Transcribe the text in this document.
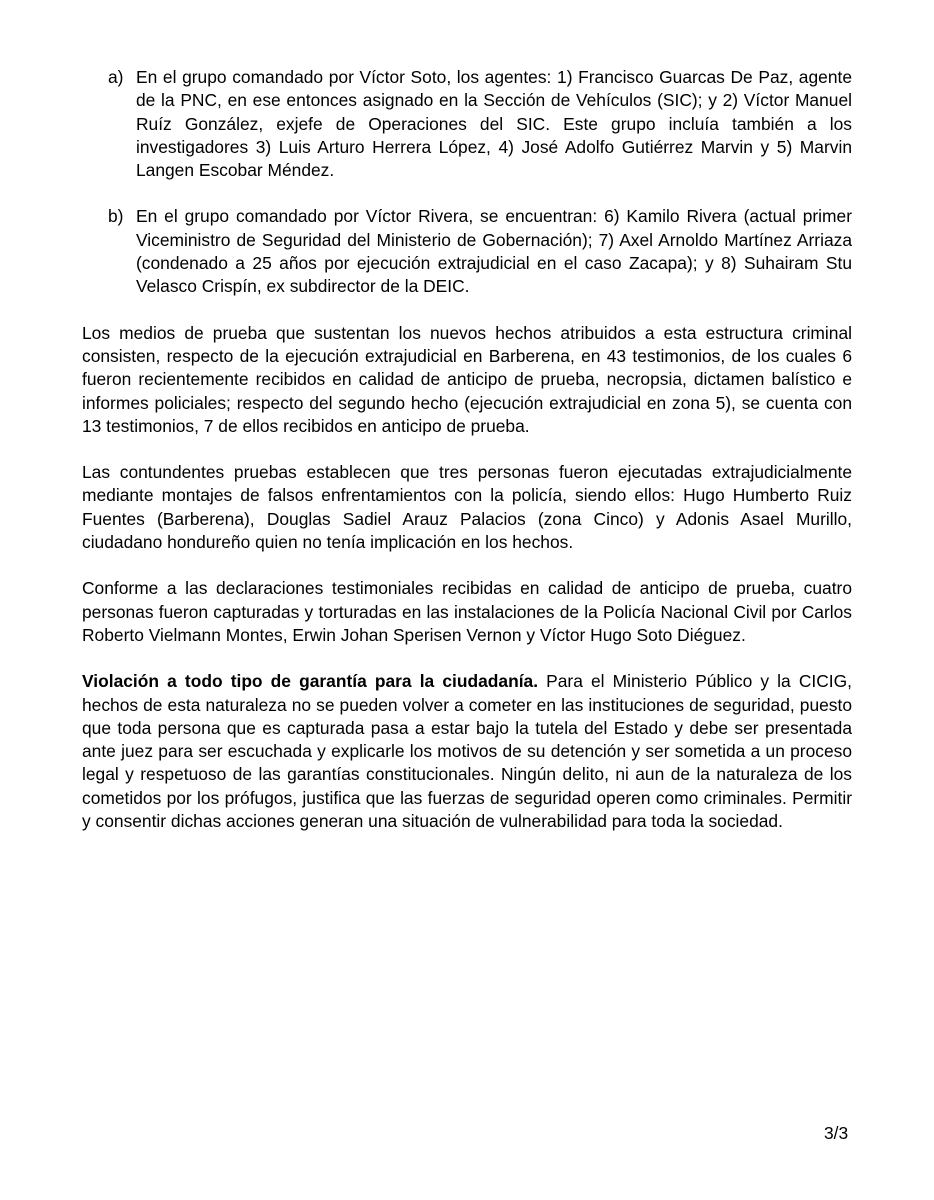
a) En el grupo comandado por Víctor Soto, los agentes: 1) Francisco Guarcas De Paz, agente de la PNC, en ese entonces asignado en la Sección de Vehículos (SIC); y 2) Víctor Manuel Ruíz González, exjefe de Operaciones del SIC. Este grupo incluía también a los investigadores 3) Luis Arturo Herrera López, 4) José Adolfo Gutiérrez Marvin y 5) Marvin Langen Escobar Méndez.
b) En el grupo comandado por Víctor Rivera, se encuentran: 6) Kamilo Rivera (actual primer Viceministro de Seguridad del Ministerio de Gobernación); 7) Axel Arnoldo Martínez Arriaza (condenado a 25 años por ejecución extrajudicial en el caso Zacapa); y 8) Suhairam Stu Velasco Crispín, ex subdirector de la DEIC.

Los medios de prueba que sustentan los nuevos hechos atribuidos a esta estructura criminal consisten, respecto de la ejecución extrajudicial en Barberena, en 43 testimonios, de los cuales 6 fueron recientemente recibidos en calidad de anticipo de prueba, necropsia, dictamen balístico e informes policiales; respecto del segundo hecho (ejecución extrajudicial en zona 5), se cuenta con 13 testimonios, 7 de ellos recibidos en anticipo de prueba.

Las contundentes pruebas establecen que tres personas fueron ejecutadas extrajudicialmente mediante montajes de falsos enfrentamientos con la policía, siendo ellos: Hugo Humberto Ruiz Fuentes (Barberena), Douglas Sadiel Arauz Palacios (zona Cinco) y Adonis Asael Murillo, ciudadano hondureño quien no tenía implicación en los hechos.

Conforme a las declaraciones testimoniales recibidas en calidad de anticipo de prueba, cuatro personas fueron capturadas y torturadas en las instalaciones de la Policía Nacional Civil por Carlos Roberto Vielmann Montes, Erwin Johan Sperisen Vernon y Víctor Hugo Soto Diéguez.

Violación a todo tipo de garantía para la ciudadanía. Para el Ministerio Público y la CICIG, hechos de esta naturaleza no se pueden volver a cometer en las instituciones de seguridad, puesto que toda persona que es capturada pasa a estar bajo la tutela del Estado y debe ser presentada ante juez para ser escuchada y explicarle los motivos de su detención y ser sometida a un proceso legal y respetuoso de las garantías constitucionales. Ningún delito, ni aun de la naturaleza de los cometidos por los prófugos, justifica que las fuerzas de seguridad operen como criminales. Permitir y consentir dichas acciones generan una situación de vulnerabilidad para toda la sociedad.

3/3
